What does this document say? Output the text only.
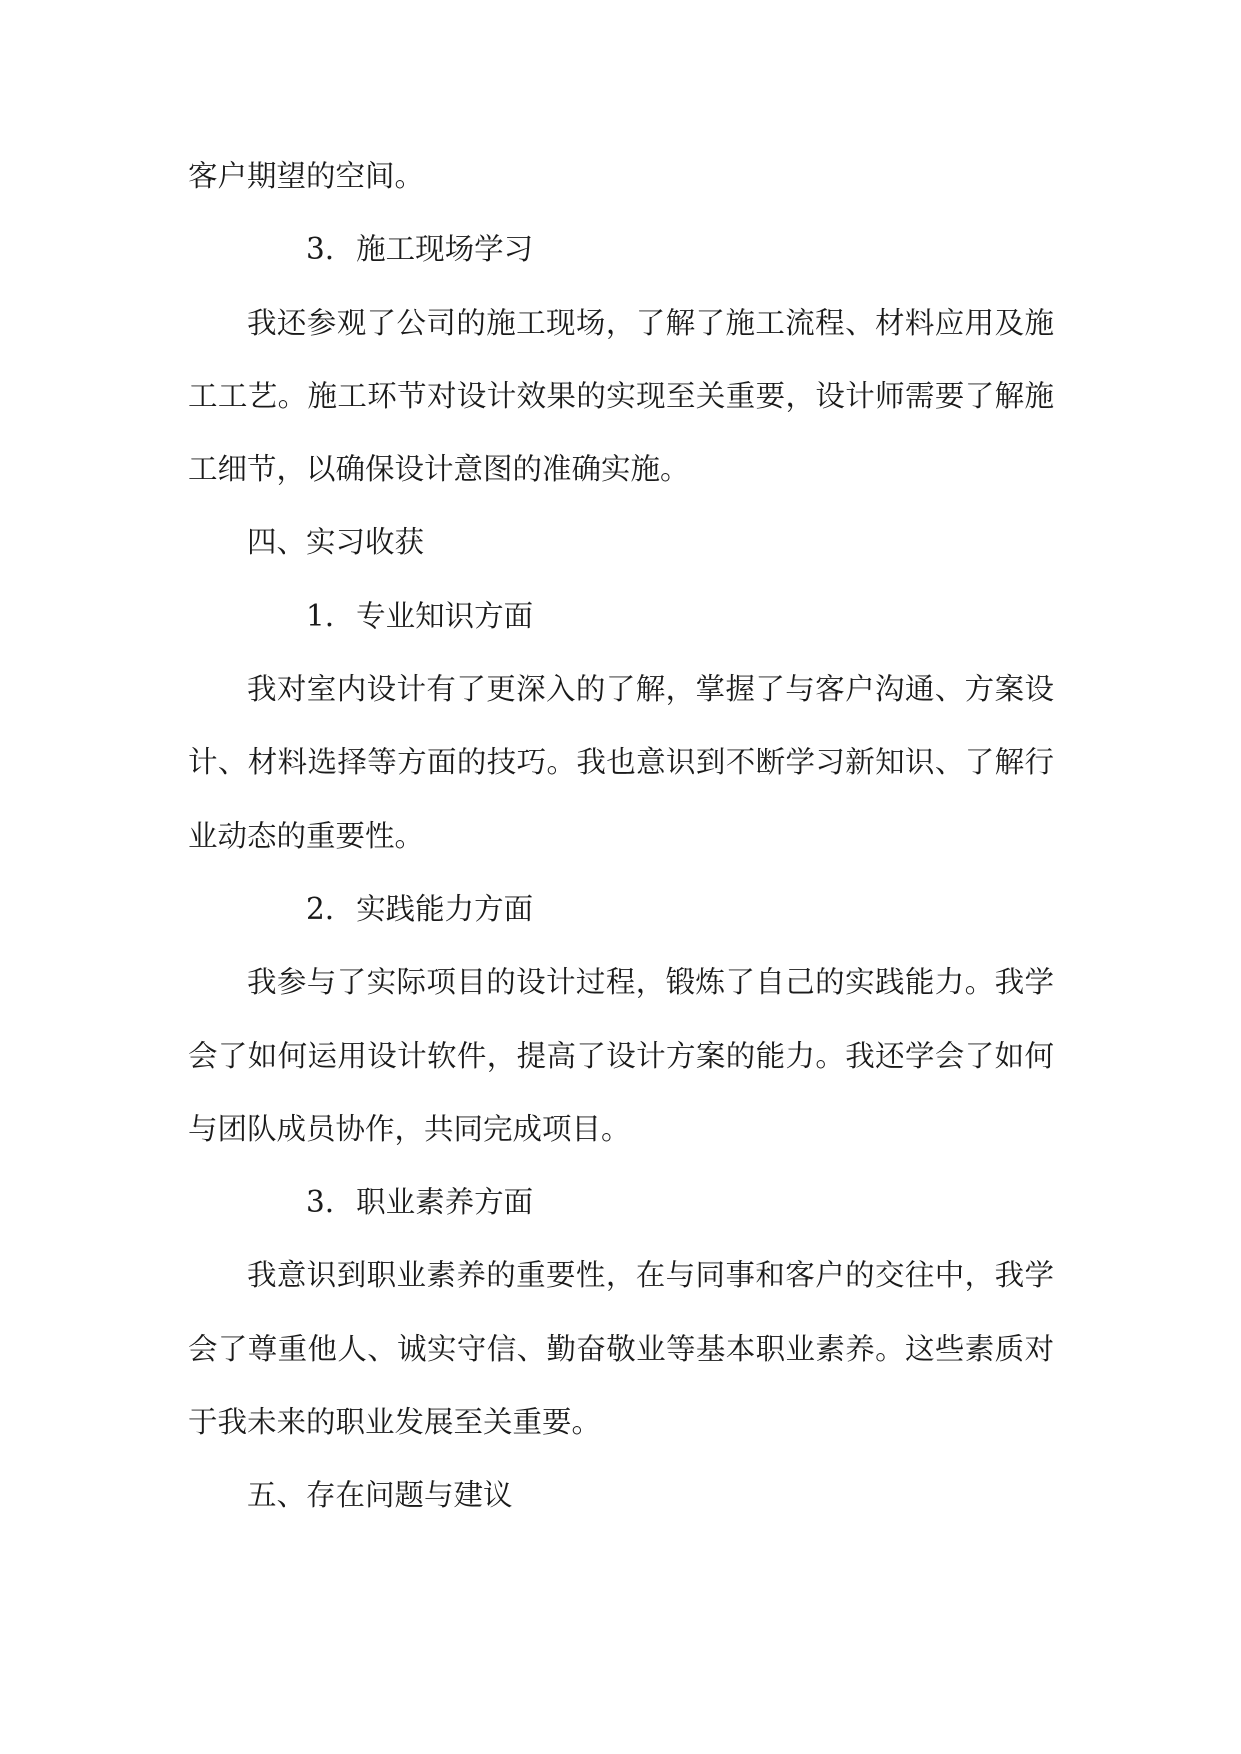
客户期望的空间。

3. 施工现场学习

我还参观了公司的施工现场，了解了施工流程、材料应用及施工工艺。施工环节对设计效果的实现至关重要，设计师需要了解施工细节，以确保设计意图的准确实施。

四、实习收获

1. 专业知识方面

我对室内设计有了更深入的了解，掌握了与客户沟通、方案设计、材料选择等方面的技巧。我也意识到不断学习新知识、了解行业动态的重要性。

2. 实践能力方面

我参与了实际项目的设计过程，锻炼了自己的实践能力。我学会了如何运用设计软件，提高了设计方案的能力。我还学会了如何与团队成员协作，共同完成项目。

3. 职业素养方面

我意识到职业素养的重要性，在与同事和客户的交往中，我学会了尊重他人、诚实守信、勤奋敬业等基本职业素养。这些素质对于我未来的职业发展至关重要。

五、存在问题与建议
